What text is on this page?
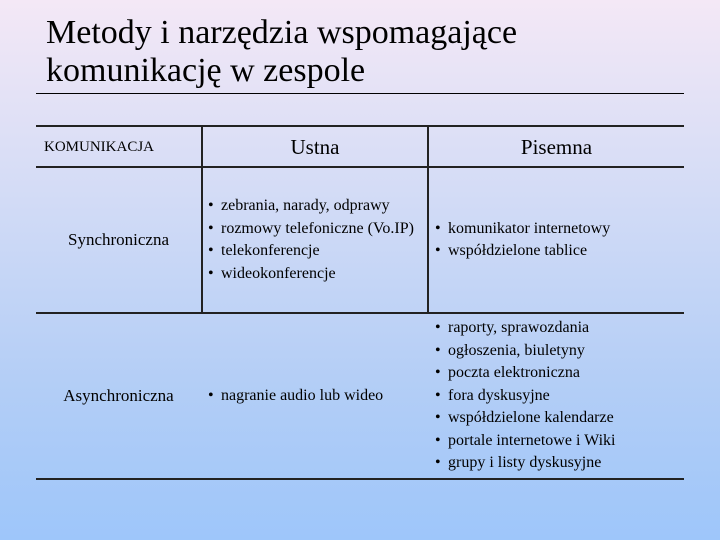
Metody i narzędzia wspomagające
komunikację w zespole
KOMUNIKACJA	Ustna	Pisemna
Synchroniczna
• zebrania, narady, odprawy
• rozmowy telefoniczne (Vo.IP)
• telekonferencje
• wideokonferencje
• komunikator internetowy
• współdzielone tablice
Asynchroniczna
•	nagranie audio lub wideo
• raporty, sprawozdania
• ogłoszenia, biuletyny
• poczta elektroniczna
• fora dyskusyjne
• współdzielone kalendarze
• portale internetowe i Wiki
• grupy i listy dyskusyjne
